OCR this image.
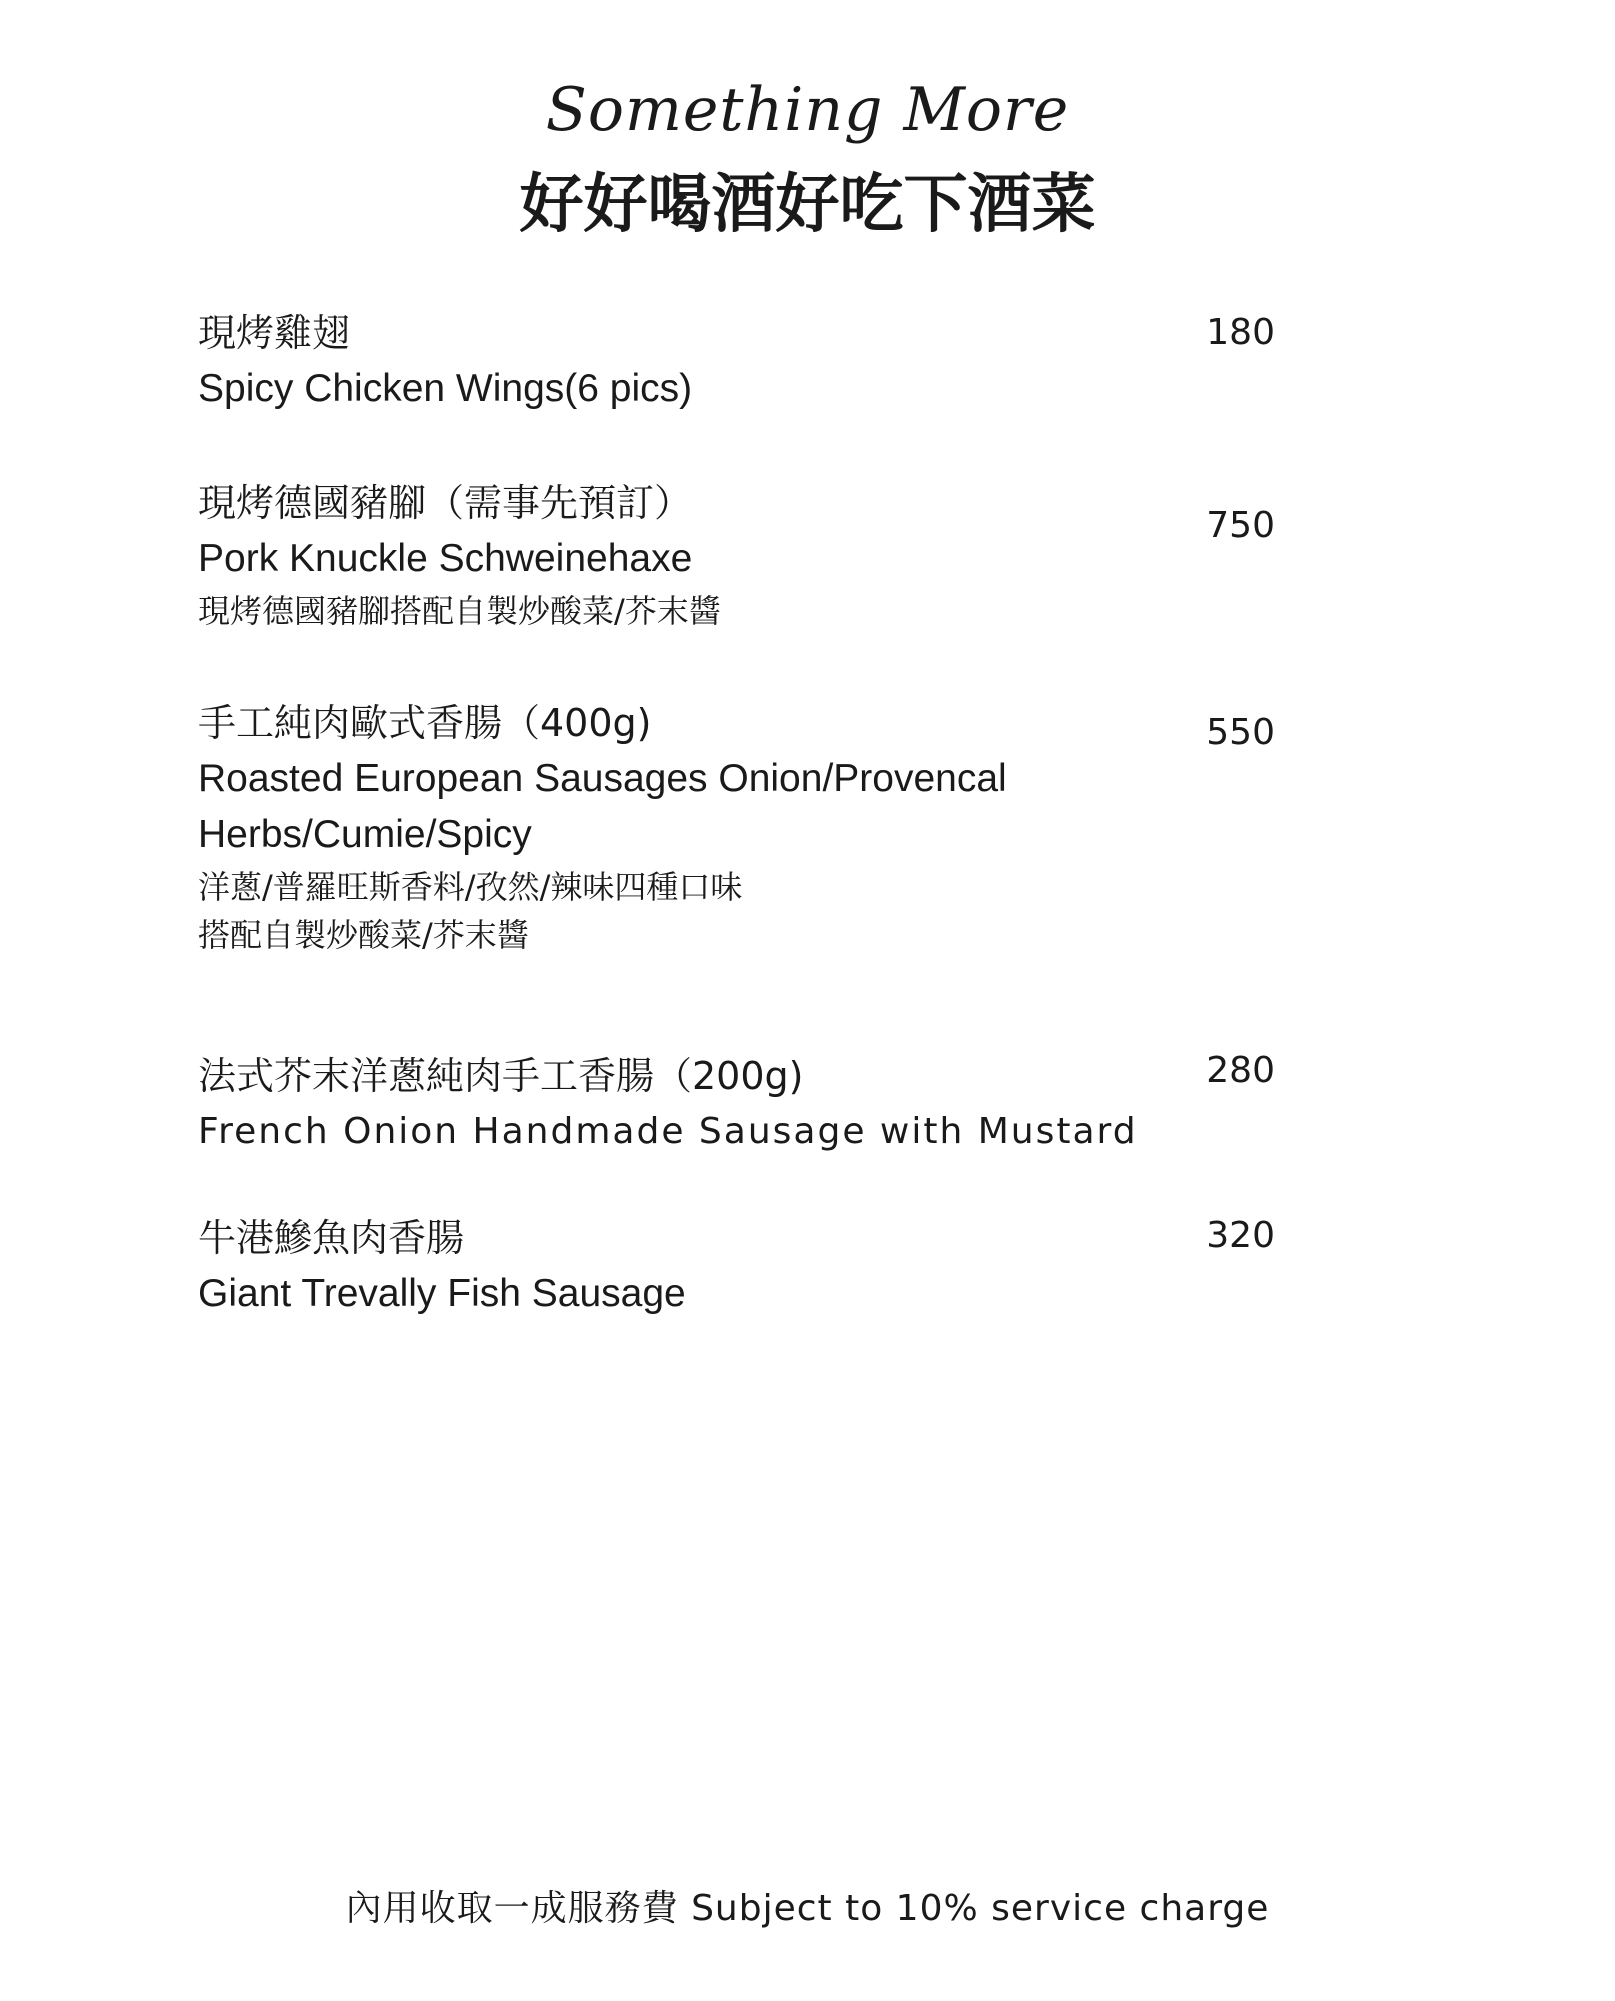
Something More
好好喝酒好吃下酒菜
現烤雞翅
Spicy Chicken Wings(6 pics)
180
現烤德國豬腳（需事先預訂）
Pork Knuckle Schweinehaxe
現烤德國豬腳搭配自製炒酸菜/芥末醬
750
手工純肉歐式香腸（400g)
Roasted European Sausages Onion/Provencal
Herbs/Cumie/Spicy
洋蔥/普羅旺斯香料/孜然/辣味四種口味
搭配自製炒酸菜/芥末醬
550
法式芥末洋蔥純肉手工香腸（200g)
French Onion Handmade Sausage with Mustard
280
牛港鰺魚肉香腸
Giant Trevally Fish Sausage
320
內用收取一成服務費 Subject to 10% service charge
